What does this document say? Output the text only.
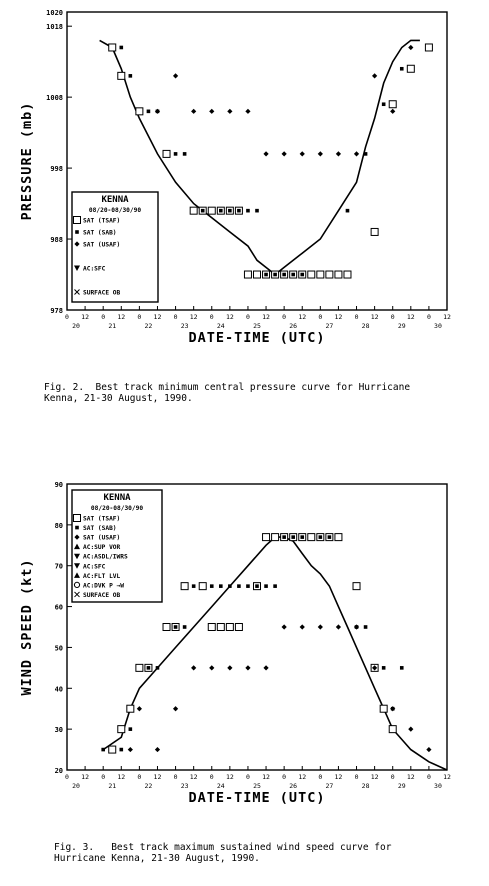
978
988
998
1008
1018
1020
0 12 0 12 0 12 0 12 0 12 0 12 0 12 0 12 0 12 0 12 0 12
20	21	22	23	24	25	26	27	28	29	30
DATE-TIME (UTC)
PRESSURE (mb)	KENNA
08/20-08/30/90
SAT (TSAF)
SAT (SAB)
SAT (USAF)
AC:SFC
SURFACE OB
Fig. 2.  Best track minimum central pressure curve for Hurricane
Kenna, 21-30 August, 1990.
20
30
40
50
60
70
80
90
0 12 0 12 0 12 0 12 0 12 0 12 0 12 0 12 0 12 0 12 0 12
20	21	22	23	24	25	26	27	28	29	30
DATE-TIME (UTC)
WIND SPEED (kt)
KENNA
08/20-08/30/90
SAT (TSAF)
SAT (SAB)
SAT (USAF)
AC:SUP VOR
AC:ASDL/IWRS
AC:SFC
AC:FLT LVL
AC:DVK P →W
SURFACE OB
Fig. 3.   Best track maximum sustained wind speed curve for
Hurricane Kenna, 21-30 August, 1990.
